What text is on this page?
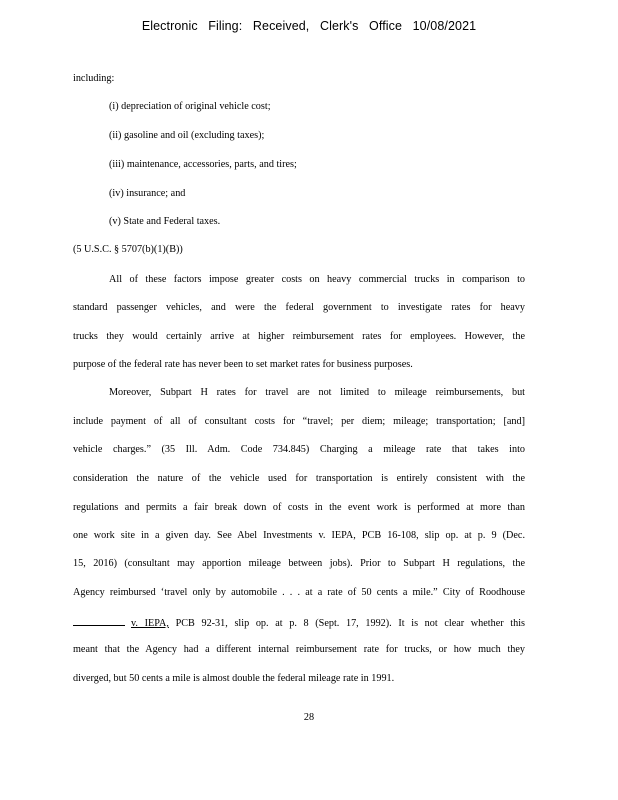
Electronic Filing: Received, Clerk's Office 10/08/2021
including:
(i) depreciation of original vehicle cost;
(ii) gasoline and oil (excluding taxes);
(iii) maintenance, accessories, parts, and tires;
(iv) insurance; and
(v) State and Federal taxes.
(5 U.S.C. § 5707(b)(1)(B))
All of these factors impose greater costs on heavy commercial trucks in comparison to
standard passenger vehicles, and were the federal government to investigate rates for heavy
trucks they would certainly arrive at higher reimbursement rates for employees. However, the
purpose of the federal rate has never been to set market rates for business purposes.
Moreover, Subpart H rates for travel are not limited to mileage reimbursements, but
include payment of all of consultant costs for “travel; per diem; mileage; transportation; [and]
vehicle charges.” (35 Ill. Adm. Code 734.845) Charging a mileage rate that takes into
consideration the nature of the vehicle used for transportation is entirely consistent with the
regulations and permits a fair break down of costs in the event work is performed at more than
one work site in a given day. See Abel Investments v. IEPA, PCB 16-108, slip op. at p. 9 (Dec.
15, 2016) (consultant may apportion mileage between jobs). Prior to Subpart H regulations, the
Agency reimbursed ‘travel only by automobile . . . at a rate of 50 cents a mile.” City of Roodhouse
v. IEPA, PCB 92-31, slip op. at p. 8 (Sept. 17, 1992). It is not clear whether this
meant that the Agency had a different internal reimbursement rate for trucks, or how much they
diverged, but 50 cents a mile is almost double the federal mileage rate in 1991.
28
